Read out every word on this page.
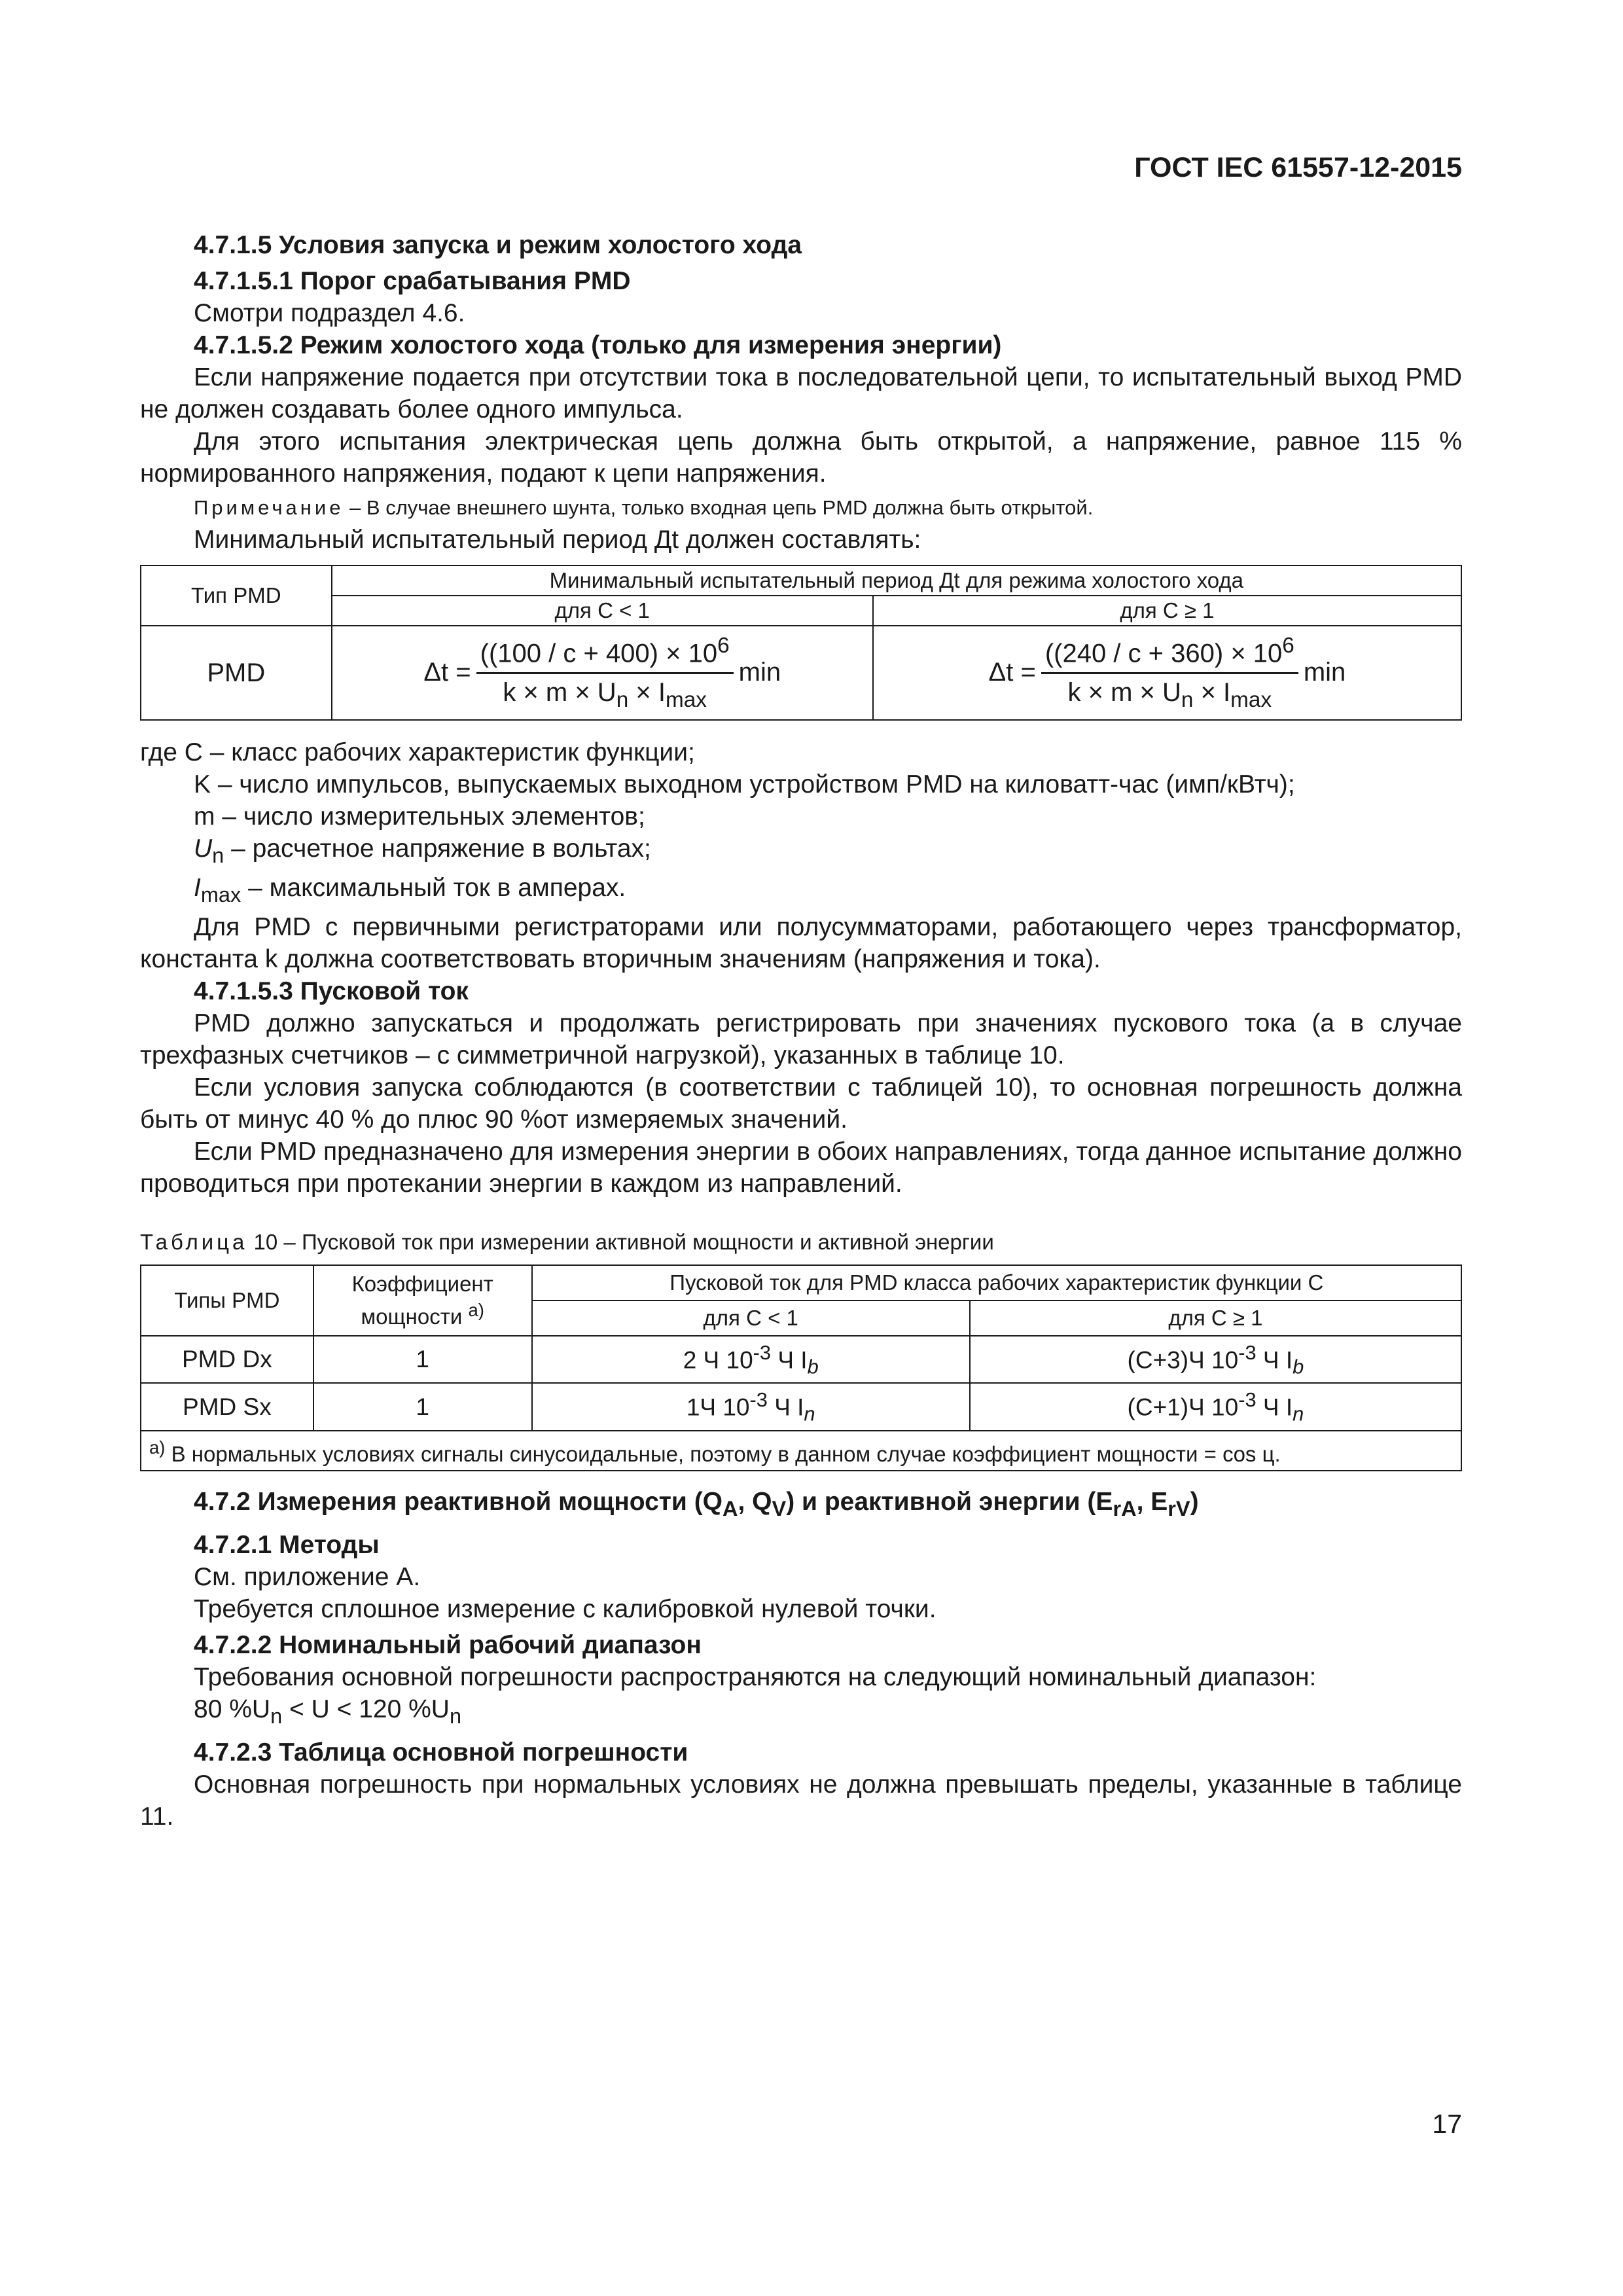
ГОСТ IEC 61557-12-2015

4.7.1.5 Условия запуска и режим холостого хода

4.7.1.5.1 Порог срабатывания PMD

Смотри подраздел 4.6.

4.7.1.5.2 Режим холостого хода (только для измерения энергии)

Если напряжение подается при отсутствии тока в последовательной цепи, то испытательный выход PMD не должен создавать более одного импульса.

Для этого испытания электрическая цепь должна быть открытой, а напряжение, равное 115 % нормированного напряжения, подают к цепи напряжения.

Примечание – В случае внешнего шунта, только входная цепь PMD должна быть открытой.

Минимальный испытательный период Дt должен составлять:

Тип PMD	Минимальный испытательный период Дt для режима холостого хода	
	для C < 1	для C ≥ 1
PMD	$\Delta t = \frac{((100 / c + 400) \times 10^6}{k \times m \times U_n \times I_{max}}$ min	$\Delta t = \frac{((240 / c + 360) \times 10^6}{k \times m \times U_n \times I_{max}}$ min

где C – класс рабочих характеристик функции;

K – число импульсов, выпускаемых выходном устройством PMD на киловатт-час (имп/кВтч);

m – число измерительных элементов;

$U_n$ – расчетное напряжение в вольтах;

$I_{max}$ – максимальный ток в амперах.

Для PMD с первичными регистраторами или полусумматорами, работающего через трансформатор, константа k должна соответствовать вторичным значениям (напряжения и тока).

4.7.1.5.3 Пусковой ток

PMD должно запускаться и продолжать регистрировать при значениях пускового тока (а в случае трехфазных счетчиков – с симметричной нагрузкой), указанных в таблице 10.

Если условия запуска соблюдаются (в соответствии с таблицей 10), то основная погрешность должна быть от минус 40 % до плюс 90 %от измеряемых значений.

Если PMD предназначено для измерения энергии в обоих направлениях, тогда данное испытание должно проводиться при протекании энергии в каждом из направлений.

Таблица 10 – Пусковой ток при измерении активной мощности и активной энергии

Типы PMD	Коэффициент мощности $^{а)}$	Пусковой ток для PMD класса рабочих характеристик функции C	
		для C < 1	для C ≥ 1
PMD Dx	1	2 Ч $10^{-3}$ Ч $I_b$	(C+3)Ч $10^{-3}$ Ч $I_b$
PMD Sx	1	1Ч $10^{-3}$ Ч $I_n$	(C+1)Ч $10^{-3}$ Ч $I_n$
$^{а)}$ В нормальных условиях сигналы синусоидальные, поэтому в данном случае коэффициент мощности = cos ц.			

4.7.2 Измерения реактивной мощности ($Q_A$, $Q_V$) и реактивной энергии ($E_{rA}$, $E_{rV}$)

4.7.2.1 Методы

См. приложение А.

Требуется сплошное измерение с калибровкой нулевой точки.

4.7.2.2 Номинальный рабочий диапазон

Требования основной погрешности распространяются на следующий номинальный диапазон:

80 $\%U_n < U < 120$ $\%U_n$

4.7.2.3 Таблица основной погрешности

Основная погрешность при нормальных условиях не должна превышать пределы, указанные в таблице 11.

17
